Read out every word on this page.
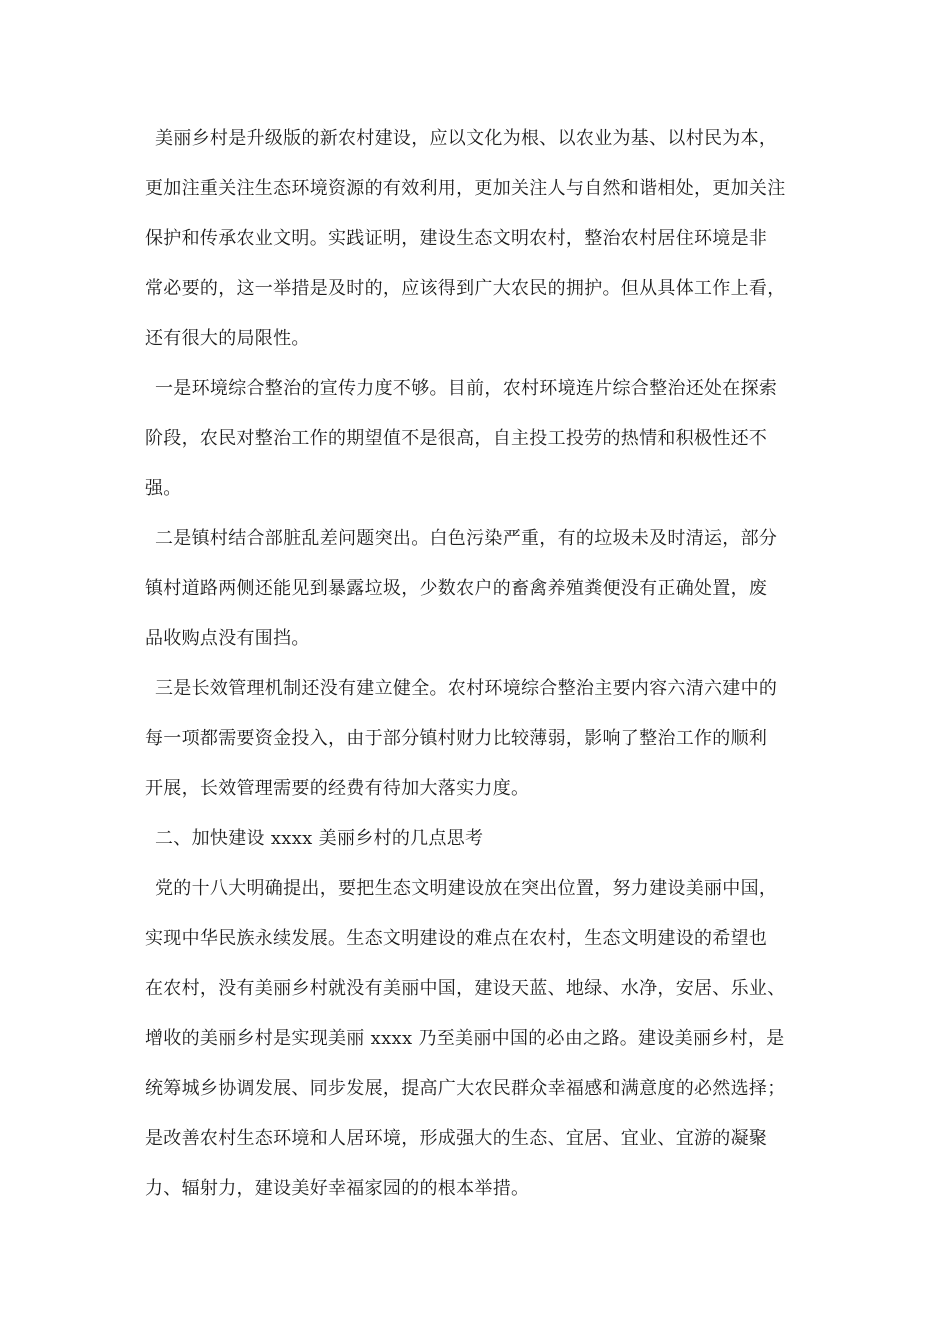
美丽乡村是升级版的新农村建设，应以文化为根、以农业为基、以村民为本，
更加注重关注生态环境资源的有效利用，更加关注人与自然和谐相处，更加关注
保护和传承农业文明。实践证明，建设生态文明农村，整治农村居住环境是非
常必要的，这一举措是及时的，应该得到广大农民的拥护。但从具体工作上看，
还有很大的局限性。
一是环境综合整治的宣传力度不够。目前，农村环境连片综合整治还处在探索
阶段，农民对整治工作的期望值不是很高，自主投工投劳的热情和积极性还不
强。
二是镇村结合部脏乱差问题突出。白色污染严重，有的垃圾未及时清运，部分
镇村道路两侧还能见到暴露垃圾，少数农户的畜禽养殖粪便没有正确处置，废
品收购点没有围挡。
三是长效管理机制还没有建立健全。农村环境综合整治主要内容六清六建中的
每一项都需要资金投入，由于部分镇村财力比较薄弱，影响了整治工作的顺利
开展，长效管理需要的经费有待加大落实力度。
二、加快建设 xxxx 美丽乡村的几点思考
党的十八大明确提出，要把生态文明建设放在突出位置，努力建设美丽中国，
实现中华民族永续发展。生态文明建设的难点在农村，生态文明建设的希望也
在农村，没有美丽乡村就没有美丽中国，建设天蓝、地绿、水净，安居、乐业、
增收的美丽乡村是实现美丽 xxxx 乃至美丽中国的必由之路。建设美丽乡村，是
统筹城乡协调发展、同步发展，提高广大农民群众幸福感和满意度的必然选择；
是改善农村生态环境和人居环境，形成强大的生态、宜居、宜业、宜游的凝聚
力、辐射力，建设美好幸福家园的的根本举措。
